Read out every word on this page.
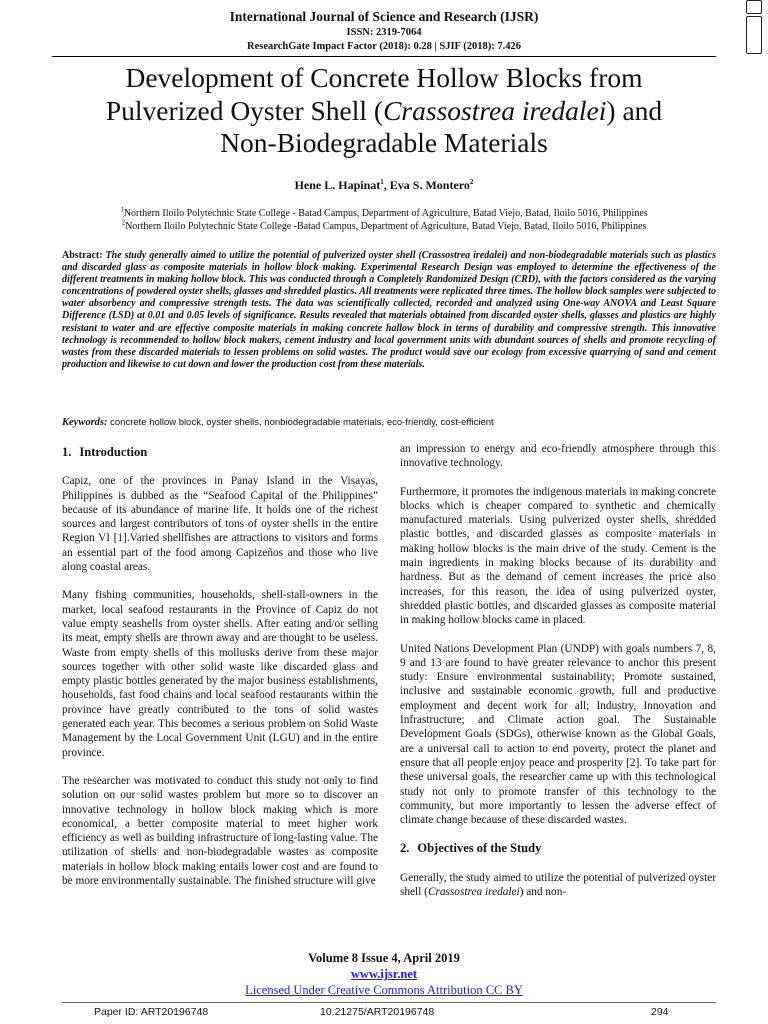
International Journal of Science and Research (IJSR)
ISSN: 2319-7064
ResearchGate Impact Factor (2018): 0.28 | SJIF (2018): 7.426
Development of Concrete Hollow Blocks from
Pulverized Oyster Shell (Crassostrea iredalei) and
Non-Biodegradable Materials
Hene L. Hapinat$^1$, Eva S. Montero$^2$
$^1$Northern Iloilo Polytechnic State College - Batad Campus, Department of Agriculture, Batad Viejo, Batad, Iloilo 5016, Philippines
$^2$Northern Iloilo Polytechnic State College -Batad Campus, Department of Agriculture, Batad Viejo, Batad, Iloilo 5016, Philippines

Abstract: The study generally aimed to utilize the potential of pulverized oyster shell (Crassostrea iredalei) and non-biodegradable materials such as plastics and discarded glass as composite materials in hollow block making. Experimental Research Design was employed to determine the effectiveness of the different treatments in making hollow block. This was conducted through a Completely Randomized Design (CRD), with the factors considered as the varying concentrations of powdered oyster shells, glasses and shredded plastics. All treatments were replicated three times. The hollow block samples were subjected to water absorbency and compressive strength tests. The data was scientifically collected, recorded and analyzed using One-way ANOVA and Least Square Difference (LSD) at 0.01 and 0.05 levels of significance. Results revealed that materials obtained from discarded oyster shells, glasses and plastics are highly resistant to water and are effective composite materials in making concrete hallow block in terms of durability and compressive strength. This innovative technology is recommended to hollow block makers, cement industry and local government units with abundant sources of shells and promote recycling of wastes from these discarded materials to lessen problems on solid wastes. The product would save our ecology from excessive quarrying of sand and cement production and likewise to cut down and lower the production cost from these materials.

Keywords: concrete hollow block, oyster shells, nonbiodegradable materials, eco-friendly, cost-efficient

1. Introduction

Capiz, one of the provinces in Panay Island in the Visayas, Philippines is dubbed as the “Seafood Capital of the Philippines” because of its abundance of marine life. It holds one of the richest sources and largest contributors of tons of oyster shells in the entire Region VI [1].Varied shellfishes are attractions to visitors and forms an essential part of the food among Capizeños and those who live along coastal areas.

Many fishing communities, households, shell-stall-owners in the market, local seafood restaurants in the Province of Capiz do not value empty seashells from oyster shells. After eating and/or selling its meat, empty shells are thrown away and are thought to be useless. Waste from empty shells of this mollusks derive from these major sources together with other solid waste like discarded glass and empty plastic bottles generated by the major business establishments, households, fast food chains and local seafood restaurants within the province have greatly contributed to the tons of solid wastes generated each year. This becomes a serious problem on Solid Waste Management by the Local Government Unit (LGU) and in the entire province.

The researcher was motivated to conduct this study not only to find solution on our solid wastes problem but more so to discover an innovative technology in hollow block making which is more economical, a better composite material to meet higher work efficiency as well as building infrastructure of long-lasting value. The utilization of shells and non-biodegradable wastes as composite materials in hollow block making entails lower cost and are found to be more environmentally sustainable. The finished structure will give

an impression to energy and eco-friendly atmosphere through this innovative technology.

Furthermore, it promotes the indigenous materials in making concrete blocks which is cheaper compared to synthetic and chemically manufactured materials. Using pulverized oyster shells, shredded plastic bottles, and discarded glasses as composite materials in making hollow blocks is the main drive of the study. Cement is the main ingredients in making blocks because of its durability and hardness. But as the demand of cement increases the price also increases, for this reason, the idea of using pulverized oyster, shredded plastic bottles, and discarded glasses as composite material in making hollow blocks came in placed.

United Nations Development Plan (UNDP) with goals numbers 7, 8, 9 and 13 are found to have greater relevance to anchor this present study: Ensure environmental sustainability; Promote sustained, inclusive and sustainable economic growth, full and productive employment and decent work for all; Industry, Innovation and Infrastructure; and Climate action goal. The Sustainable Development Goals (SDGs), otherwise known as the Global Goals, are a universal call to action to end poverty, protect the planet and ensure that all people enjoy peace and prosperity [2]. To take part for these universal goals, the researcher came up with this technological study not only to promote transfer of this technology to the community, but more importantly to lessen the adverse effect of climate change because of these discarded wastes.

2. Objectives of the Study

Generally, the study aimed to utilize the potential of pulverized oyster shell (Crassostrea iredalei) and non-

Volume 8 Issue 4, April 2019
www.ijsr.net
Licensed Under Creative Commons Attribution CC BY
Paper ID: ART20196748	10.21275/ART20196748	294
